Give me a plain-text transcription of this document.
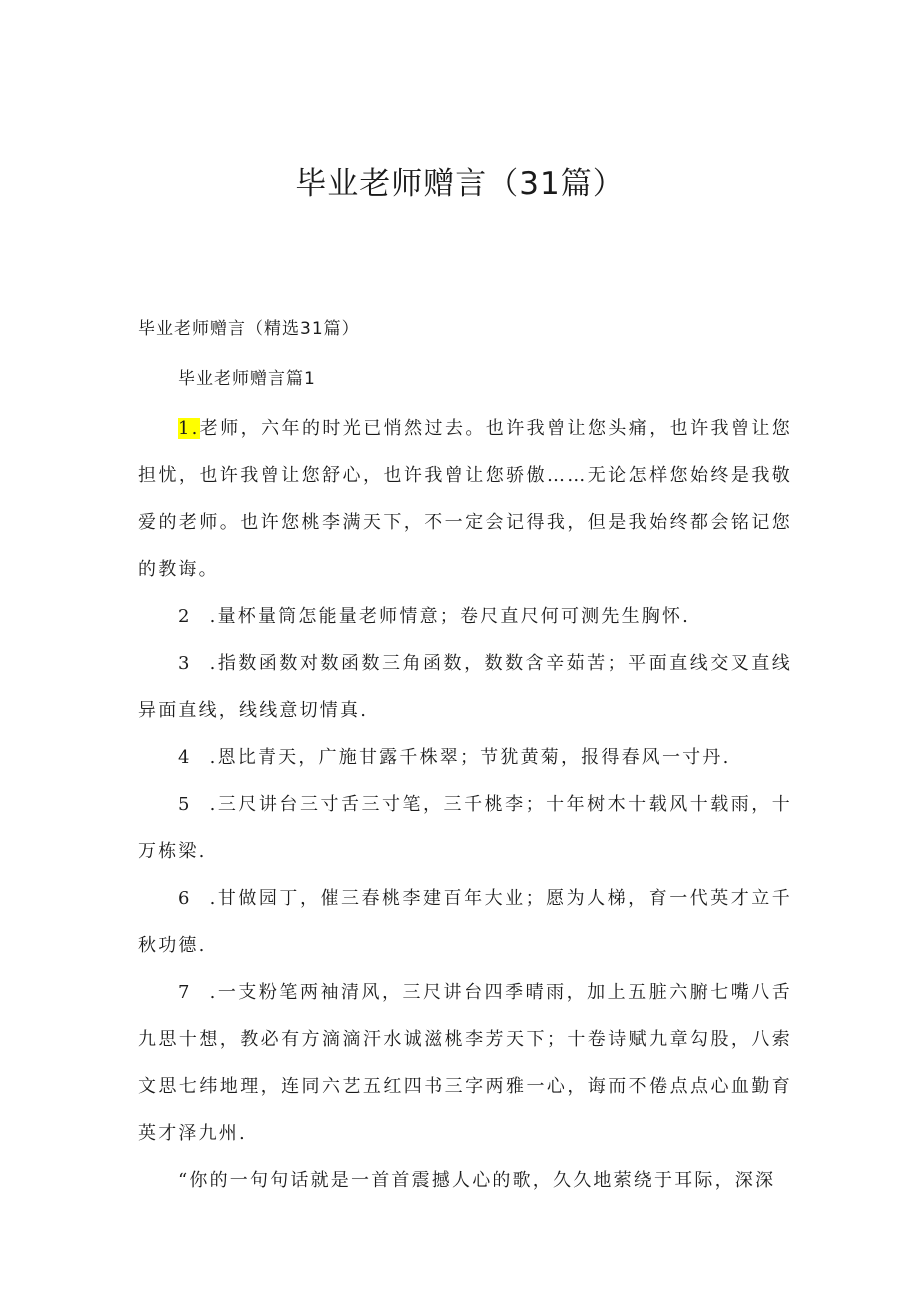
毕业老师赠言（31篇）
毕业老师赠言（精选31篇）
毕业老师赠言篇1

1.老师，六年的时光已悄然过去。也许我曾让您头痛，也许我曾让您担忧，也许我曾让您舒心，也许我曾让您骄傲……无论怎样您始终是我敬爱的老师。也许您桃李满天下，不一定会记得我，但是我始终都会铭记您的教诲。

2 .量杯量筒怎能量老师情意；卷尺直尺何可测先生胸怀.

3 .指数函数对数函数三角函数，数数含辛茹苦；平面直线交叉直线异面直线，线线意切情真.

4 .恩比青天，广施甘露千株翠；节犹黄菊，报得春风一寸丹.

5 .三尺讲台三寸舌三寸笔，三千桃李；十年树木十载风十载雨，十万栋梁.

6 .甘做园丁，催三春桃李建百年大业；愿为人梯，育一代英才立千秋功德.

7 .一支粉笔两袖清风，三尺讲台四季晴雨，加上五脏六腑七嘴八舌九思十想，教必有方滴滴汗水诚滋桃李芳天下；十卷诗赋九章勾股，八索文思七纬地理，连同六艺五红四书三字两雅一心，诲而不倦点点心血勤育英才泽九州.

“你的一句句话就是一首首震撼人心的歌，久久地萦绕于耳际，深深
